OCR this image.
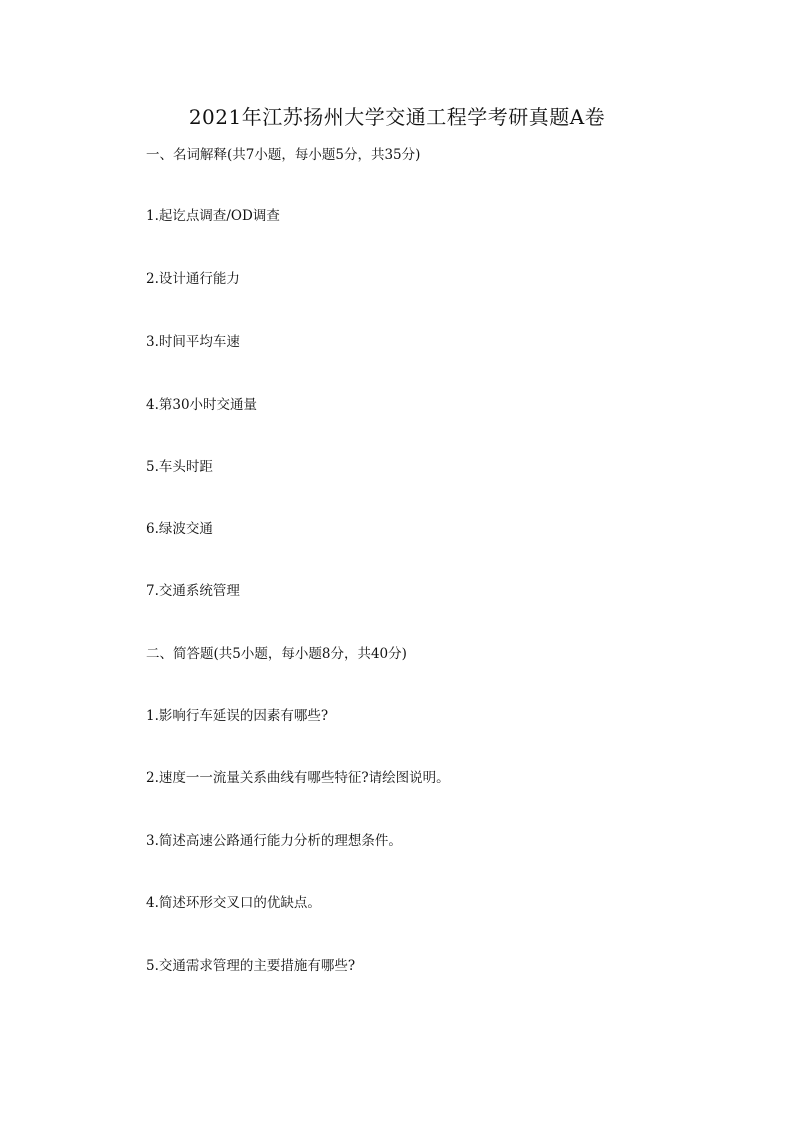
2021年江苏扬州大学交通工程学考研真题A卷

一、名词解释(共7小题，每小题5分，共35分)

1.起讫点调查/OD调查

2.设计通行能力

3.时间平均车速

4.第30小时交通量

5.车头时距

6.绿波交通

7.交通系统管理

二、简答题(共5小题，每小题8分，共40分)

1.影响行车延误的因素有哪些?

2.速度一一流量关系曲线有哪些特征?请绘图说明。

3.简述高速公路通行能力分析的理想条件。

4.简述环形交叉口的优缺点。

5.交通需求管理的主要措施有哪些?
